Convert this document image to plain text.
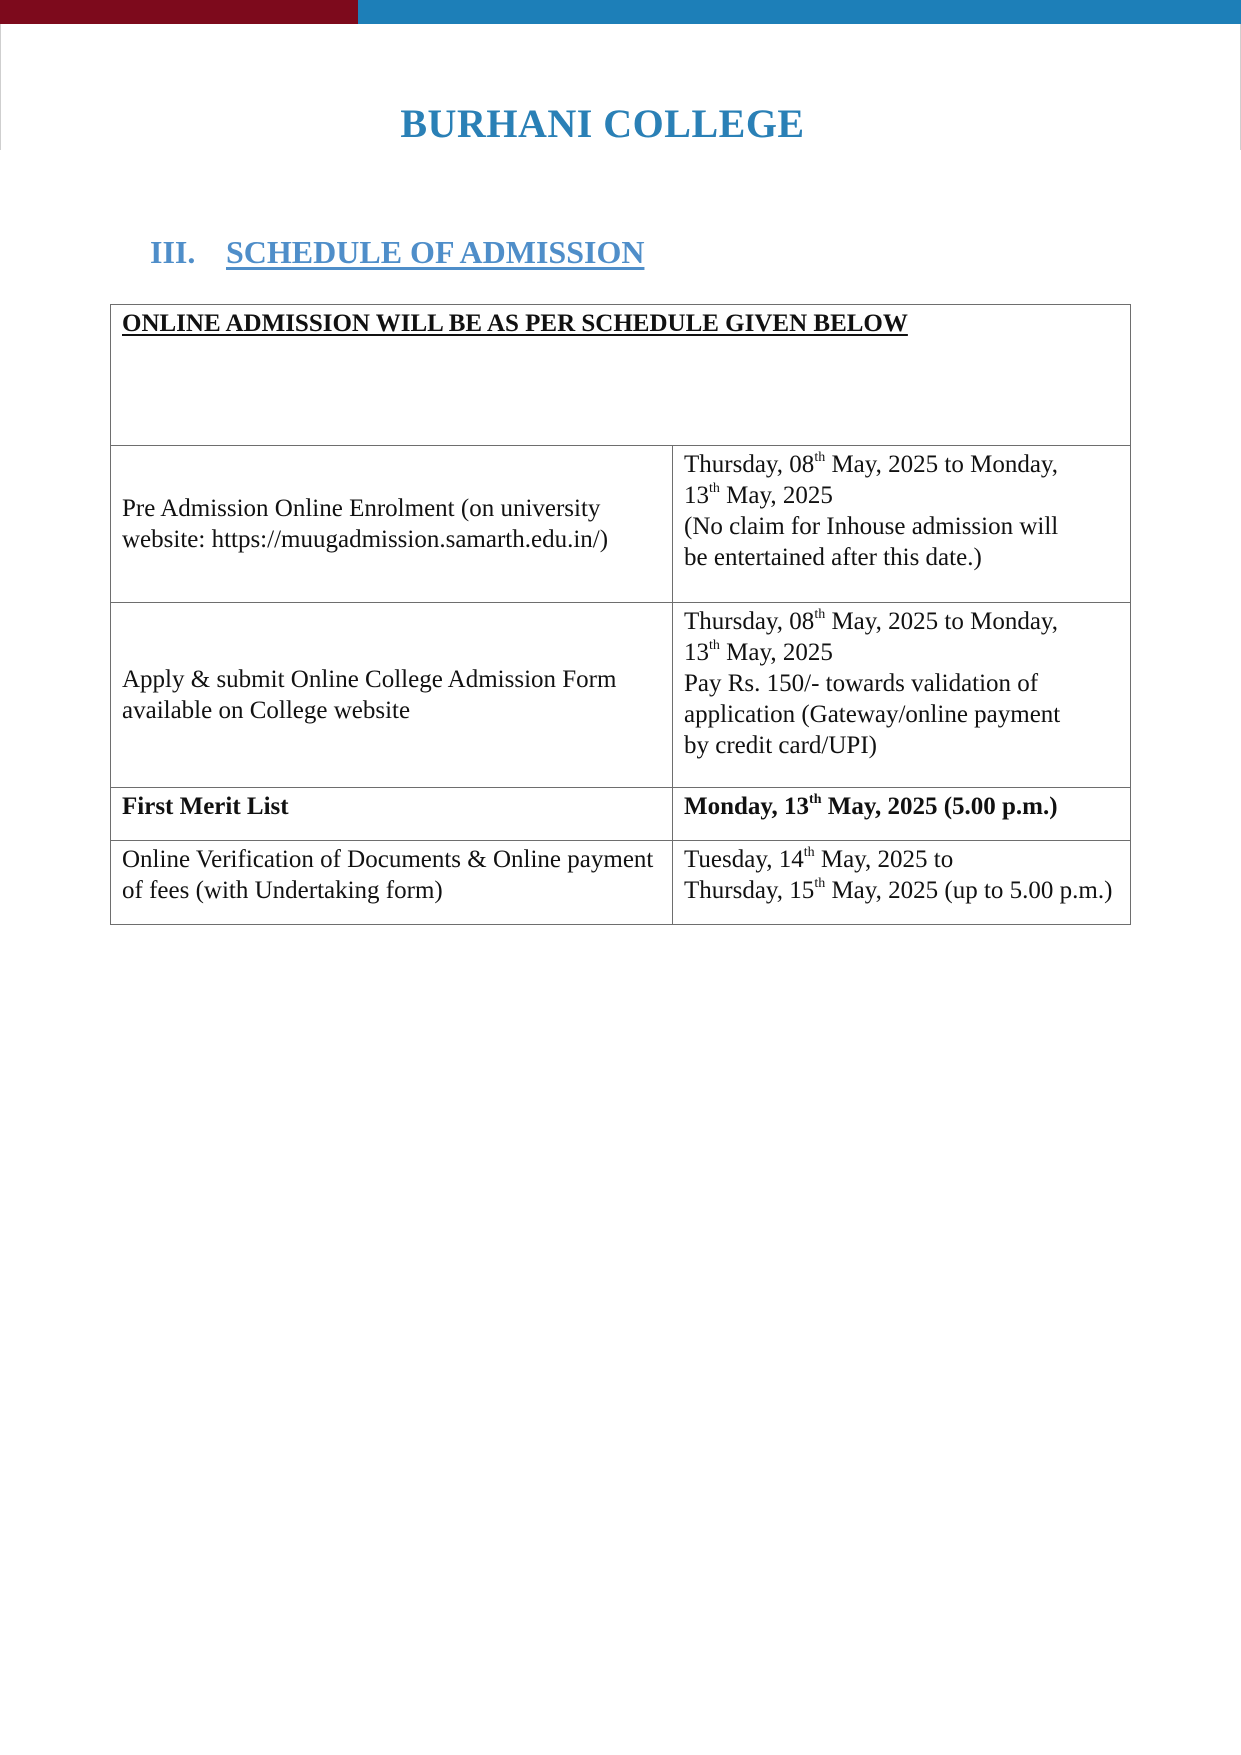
BURHANI COLLEGE
III. SCHEDULE OF ADMISSION
ONLINE ADMISSION WILL BE AS PER SCHEDULE GIVEN BELOW	

Pre Admission Online Enrolment (on university
website: https://muugadmission.samarth.edu.in/)	Thursday, 08th May, 2025 to Monday,
13th May, 2025
(No claim for Inhouse admission will
be entertained after this date.)

Apply & submit Online College Admission Form
available on College website	Thursday, 08th May, 2025 to Monday,
13th May, 2025
Pay Rs. 150/- towards validation of
application (Gateway/online payment
by credit card/UPI)

First Merit List	Monday, 13th May, 2025 (5.00 p.m.)

Online Verification of Documents & Online payment
of fees (with Undertaking form)	Tuesday, 14th May, 2025 to
Thursday, 15th May, 2025 (up to 5.00 p.m.)
